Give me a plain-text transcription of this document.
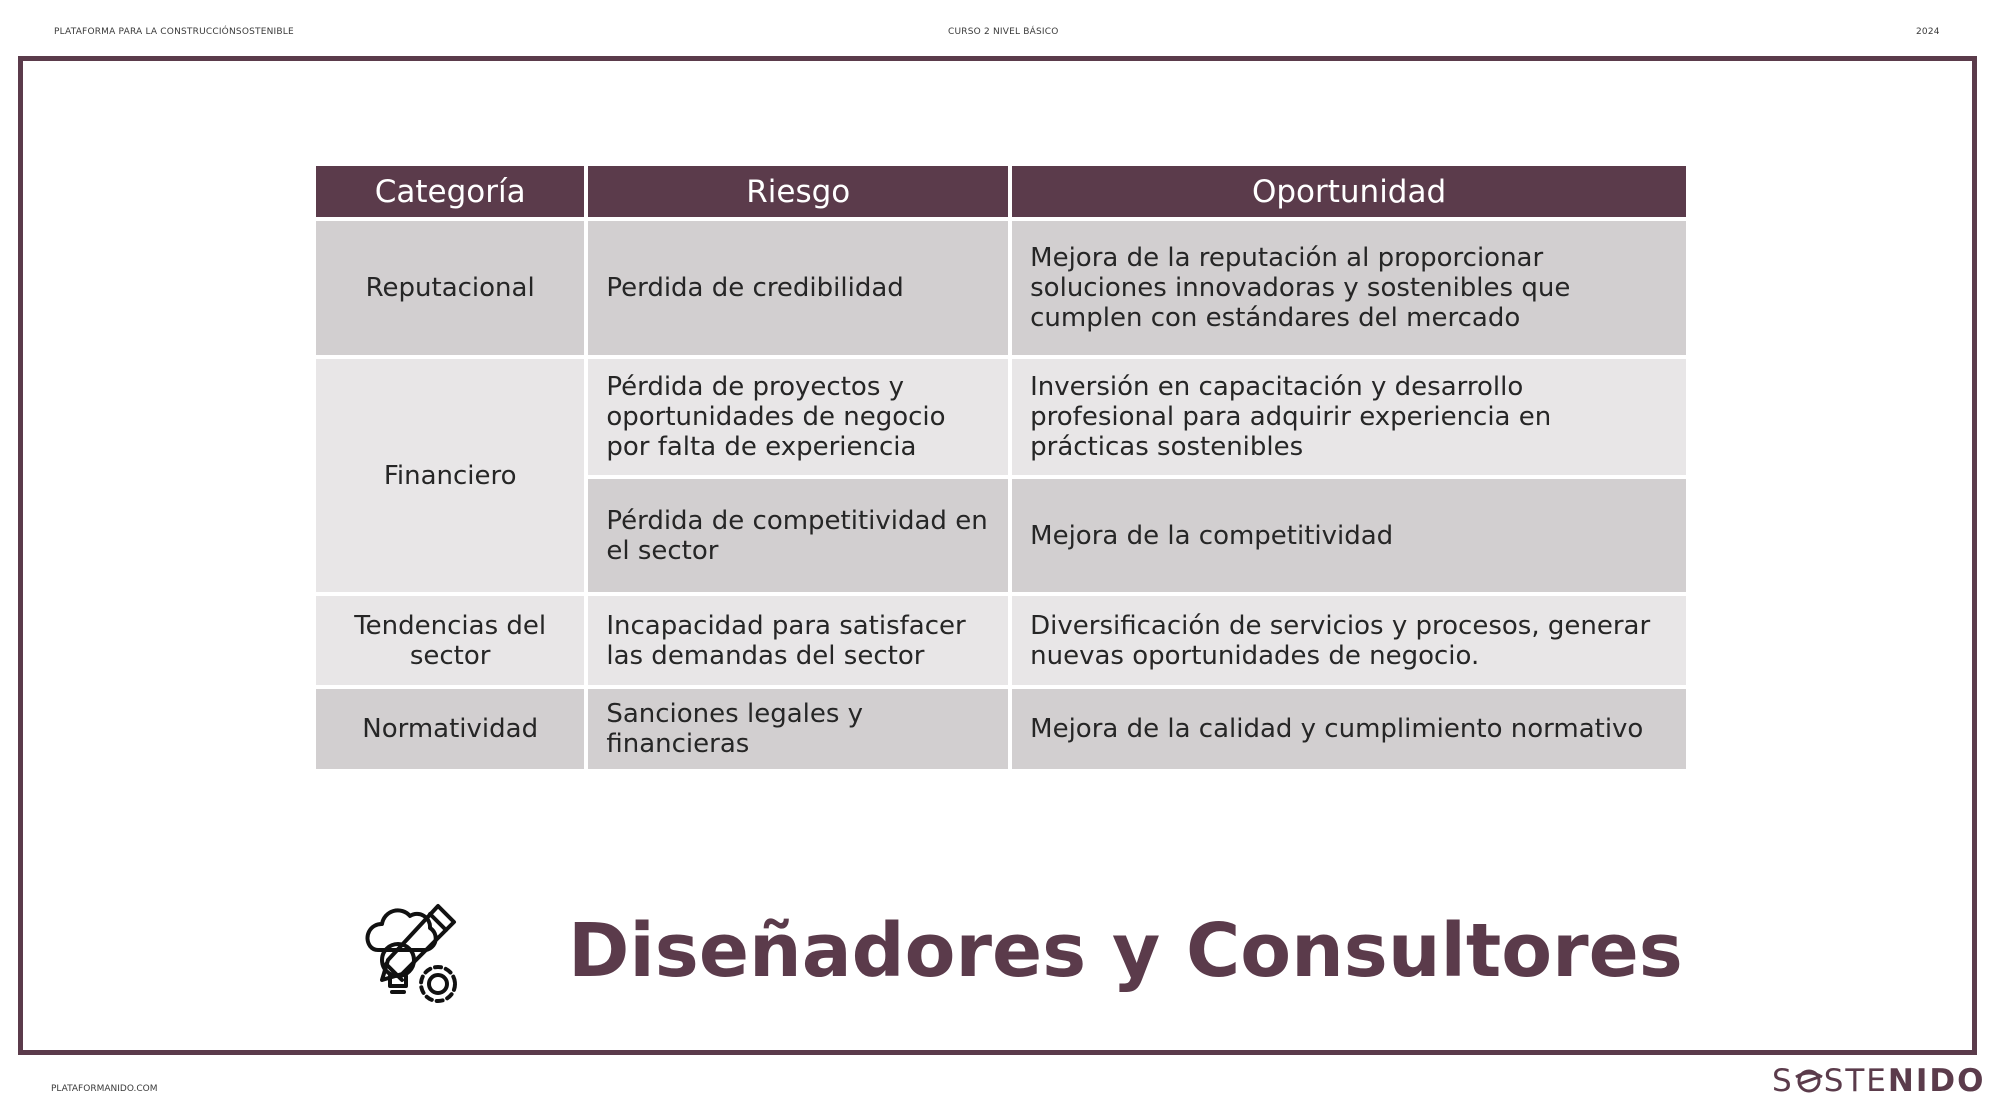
PLATAFORMA PARA LA CONSTRUCCIÓNSOSTENIBLE	CURSO 2 NIVEL BÁSICO	2024
Categoría	Riesgo	Oportunidad
Reputacional	Perdida de credibilidad	Mejora de la reputación al proporcionar soluciones innovadoras y sostenibles que cumplen con estándares del mercado
Financiero	Pérdida de proyectos y oportunidades de negocio por falta de experiencia	Inversión en capacitación y desarrollo profesional para adquirir experiencia en prácticas sostenibles
	Pérdida de competitividad en el sector	Mejora de la competitividad
Tendencias del sector	Incapacidad para satisfacer las demandas del sector	Diversificación de servicios y procesos, generar nuevas oportunidades de negocio.
Normatividad	Sanciones legales y financieras	Mejora de la calidad y cumplimiento normativo
Diseñadores y Consultores
PLATAFORMANIDO.COM	S STENIDO
